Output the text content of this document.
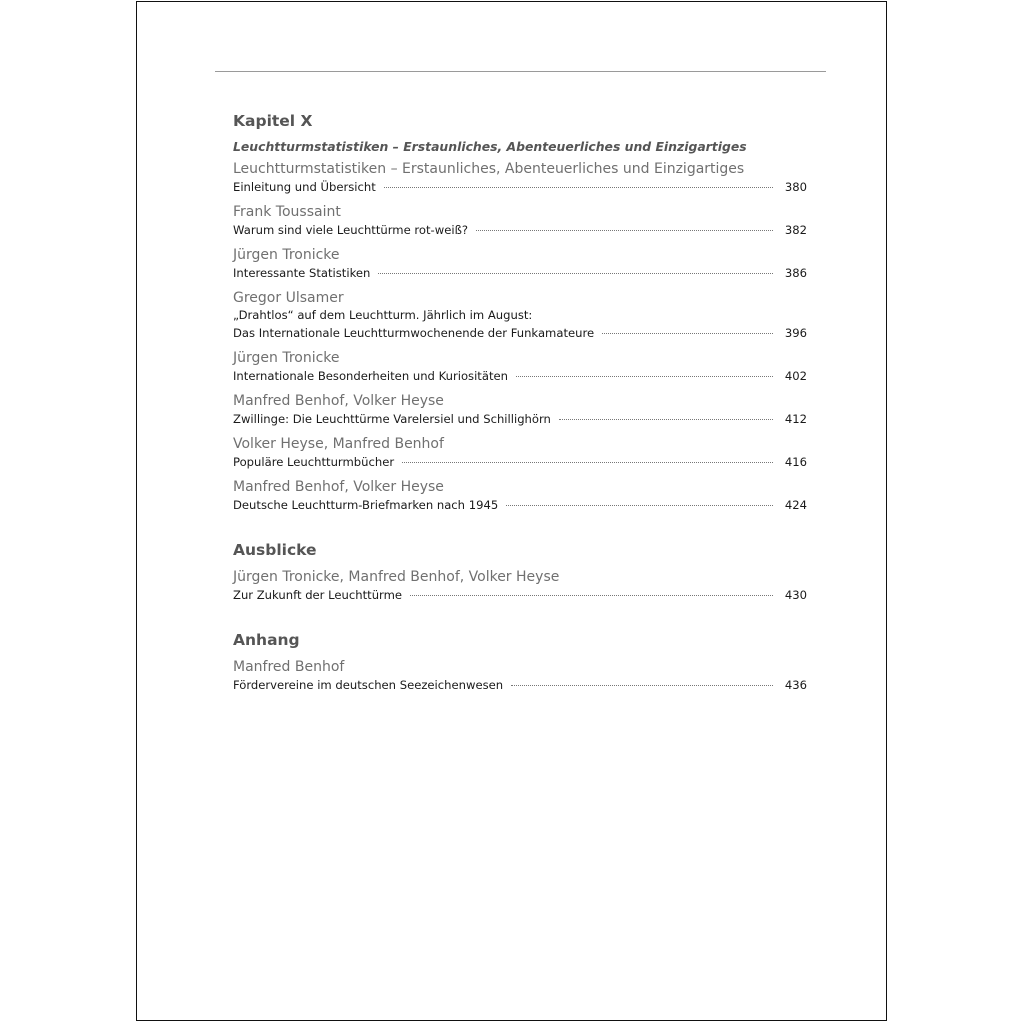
Kapitel X
Leuchtturmstatistiken – Erstaunliches, Abenteuerliches und Einzigartiges
Leuchtturmstatistiken – Erstaunliches, Abenteuerliches und Einzigartiges
Einleitung und Übersicht	380
Frank Toussaint
Warum sind viele Leuchttürme rot-weiß?	382
Jürgen Tronicke
Interessante Statistiken	386
Gregor Ulsamer
„Drahtlos“ auf dem Leuchtturm. Jährlich im August:
Das Internationale Leuchtturmwochenende der Funkamateure	396
Jürgen Tronicke
Internationale Besonderheiten und Kuriositäten	402
Manfred Benhof, Volker Heyse
Zwillinge: Die Leuchttürme Varelersiel und Schillighörn	412
Volker Heyse, Manfred Benhof
Populäre Leuchtturmbücher	416
Manfred Benhof, Volker Heyse
Deutsche Leuchtturm-Briefmarken nach 1945	424
Ausblicke
Jürgen Tronicke, Manfred Benhof, Volker Heyse
Zur Zukunft der Leuchttürme	430
Anhang
Manfred Benhof
Fördervereine im deutschen Seezeichenwesen	436
